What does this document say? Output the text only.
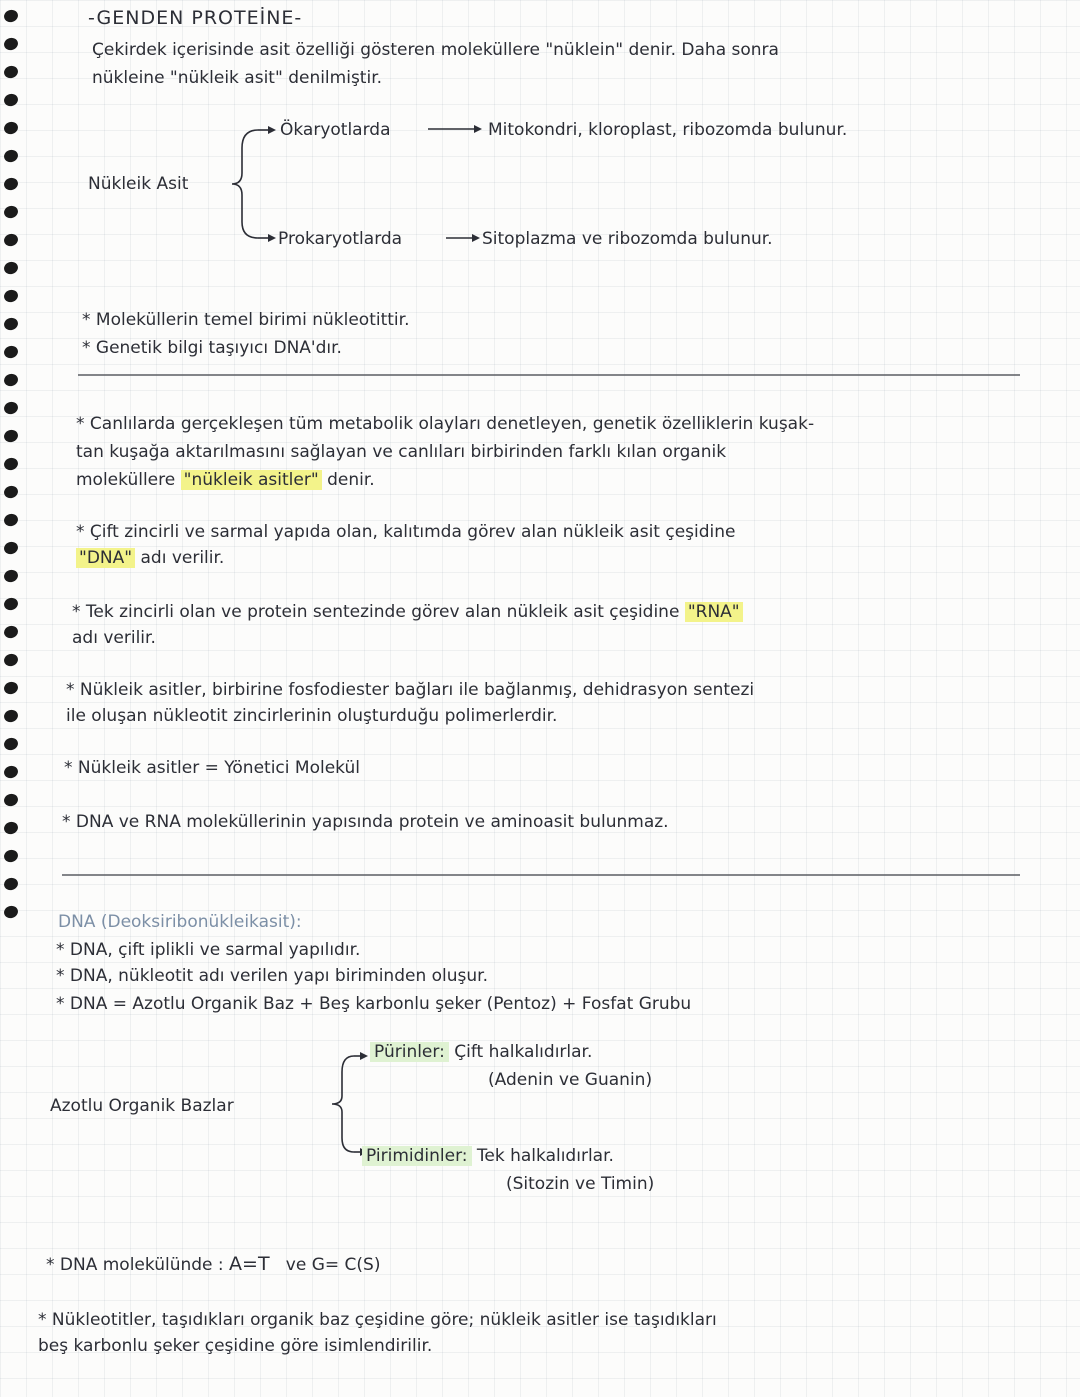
-GENDEN PROTEİNE-
Çekirdek içerisinde asit özelliği gösteren moleküllere "nüklein" denir. Daha sonra
nükleine "nükleik asit" denilmiştir.
Nükleik Asit
Ökaryotlarda	Mitokondri, kloroplast, ribozomda bulunur.
Prokaryotlarda	Sitoplazma ve ribozomda bulunur.
* Moleküllerin temel birimi nükleotittir.
* Genetik bilgi taşıyıcı DNA'dır.
* Canlılarda gerçekleşen tüm metabolik olayları denetleyen, genetik özelliklerin kuşak-
tan kuşağa aktarılmasını sağlayan ve canlıları birbirinden farklı kılan organik
moleküllere "nükleik asitler" denir.
* Çift zincirli ve sarmal yapıda olan, kalıtımda görev alan nükleik asit çeşidine
"DNA" adı verilir.
* Tek zincirli olan ve protein sentezinde görev alan nükleik asit çeşidine "RNA"
adı verilir.
* Nükleik asitler, birbirine fosfodiester bağları ile bağlanmış, dehidrasyon sentezi
ile oluşan nükleotit zincirlerinin oluşturduğu polimerlerdir.
* Nükleik asitler = Yönetici Molekül
* DNA ve RNA moleküllerinin yapısında protein ve aminoasit bulunmaz.
DNA (Deoksiribonükleikasit):
* DNA, çift iplikli ve sarmal yapılıdır.
* DNA, nükleotit adı verilen yapı biriminden oluşur.
* DNA = Azotlu Organik Baz + Beş karbonlu şeker (Pentoz) + Fosfat Grubu
Azotlu Organik Bazlar
Pürinler: Çift halkalıdırlar.
(Adenin ve Guanin)
Pirimidinler: Tek halkalıdırlar.
(Sitozin ve Timin)
* DNA molekülünde : A=T ve G= C(S)
* Nükleotitler, taşıdıkları organik baz çeşidine göre; nükleik asitler ise taşıdıkları
beş karbonlu şeker çeşidine göre isimlendirilir.
